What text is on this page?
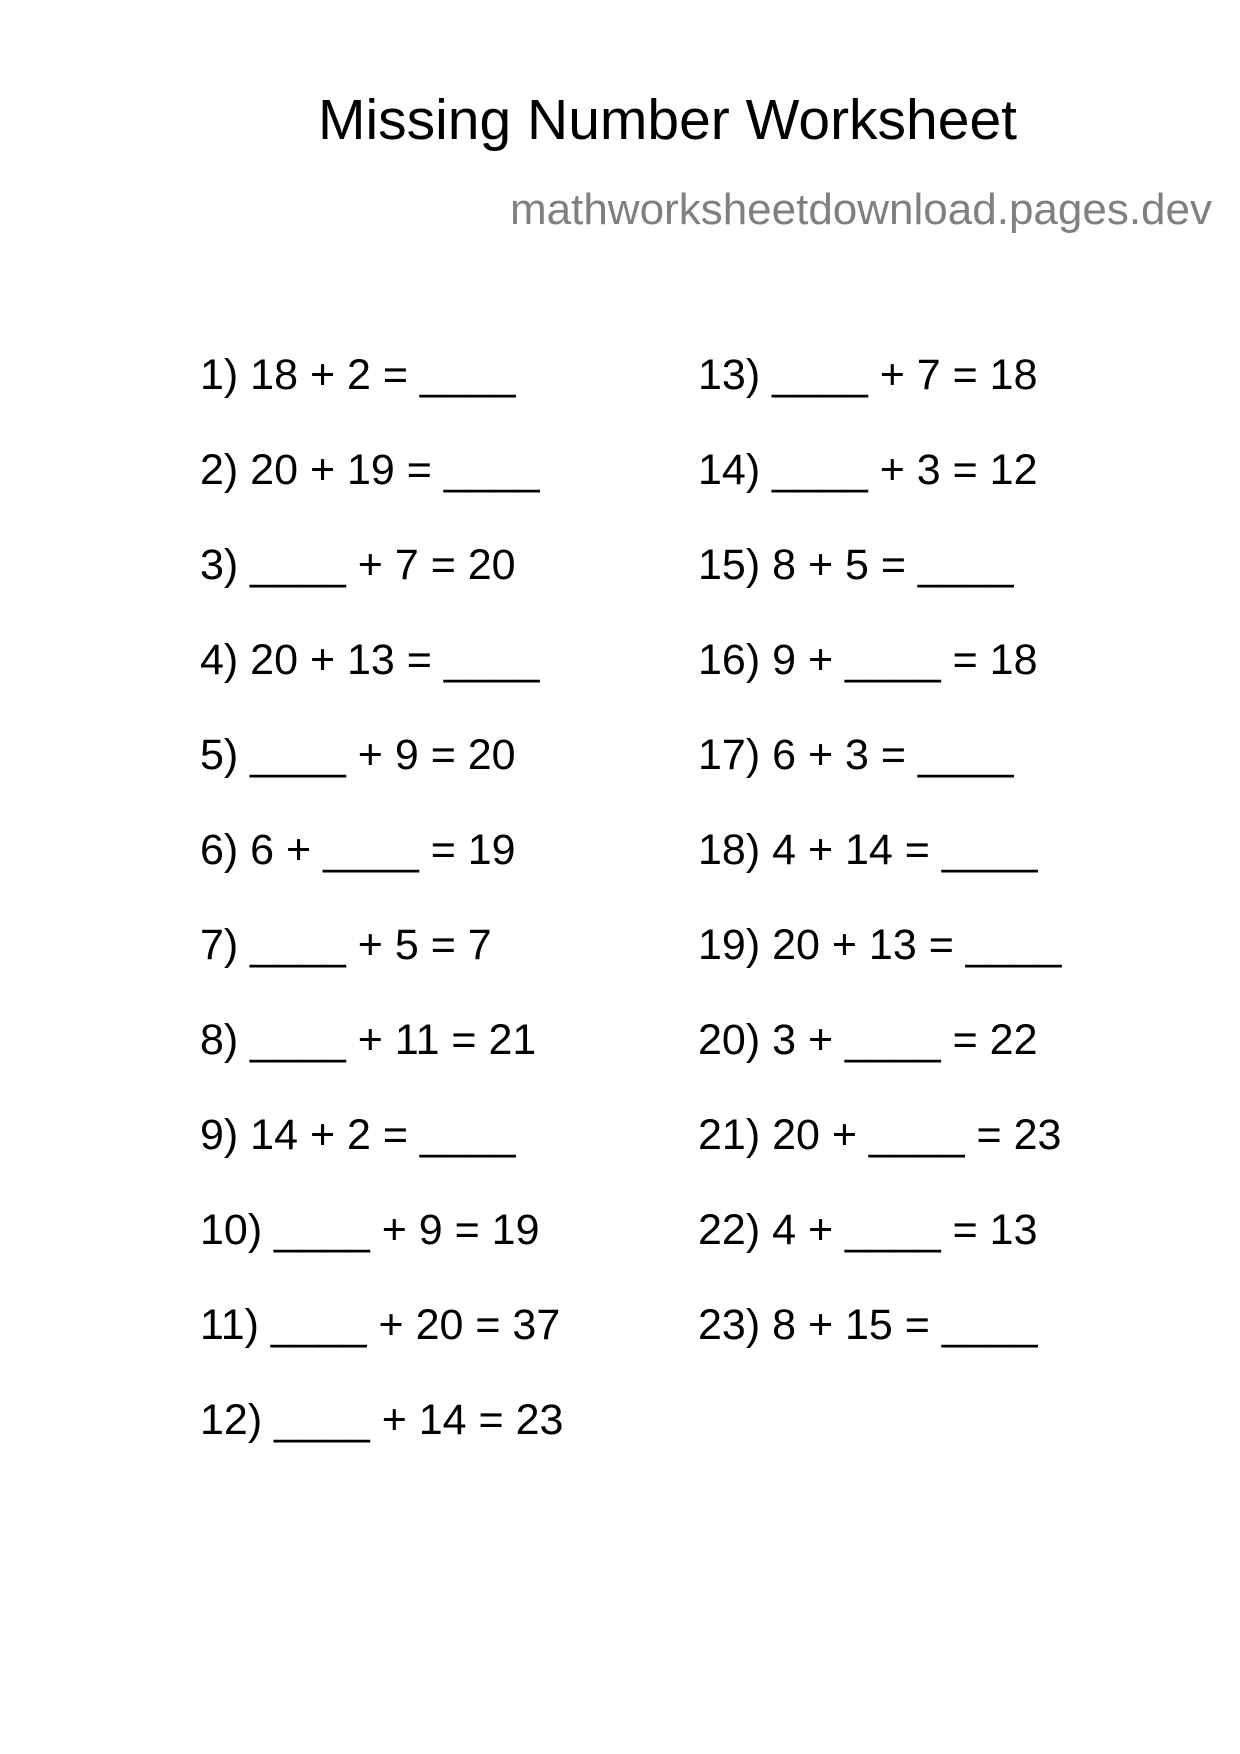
Missing Number Worksheet
mathworksheetdownload.pages.dev
1) 18 + 2 = ____
2) 20 + 19 = ____
3) ____ + 7 = 20
4) 20 + 13 = ____
5) ____ + 9 = 20
6) 6 + ____ = 19
7) ____ + 5 = 7
8) ____ + 11 = 21
9) 14 + 2 = ____
10) ____ + 9 = 19
11) ____ + 20 = 37
12) ____ + 14 = 23
13) ____ + 7 = 18
14) ____ + 3 = 12
15) 8 + 5 = ____
16) 9 + ____ = 18
17) 6 + 3 = ____
18) 4 + 14 = ____
19) 20 + 13 = ____
20) 3 + ____ = 22
21) 20 + ____ = 23
22) 4 + ____ = 13
23) 8 + 15 = ____
